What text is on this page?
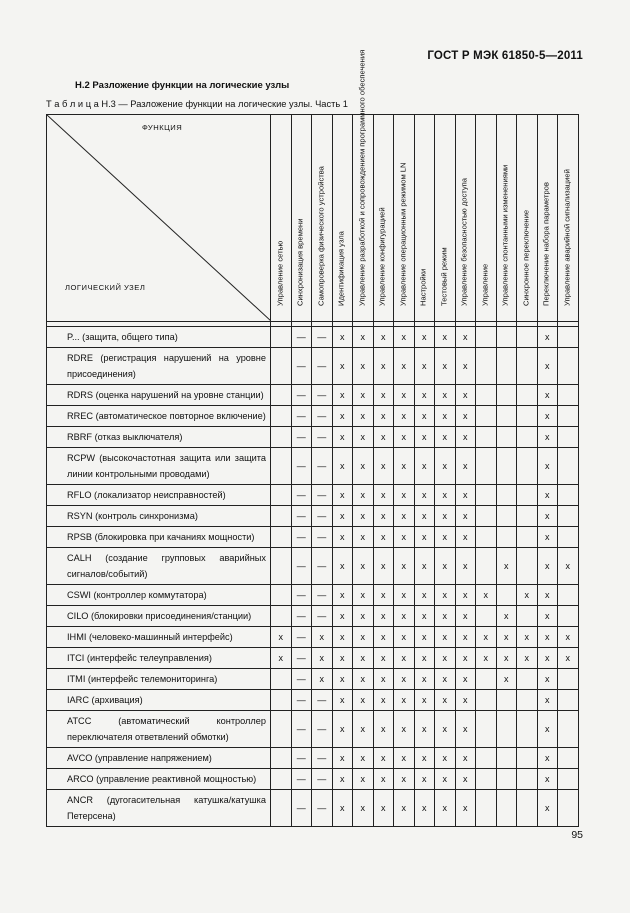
ГОСТ Р МЭК 61850-5—2011
Н.2 Разложение функции на логические узлы
Т а б л и ц а Н.3 — Разложение функции на логические узлы. Часть 1
ФУНКЦИЯ
ЛОГИЧЕСКИЙ УЗЕЛ	Управление сетью	Синхронизация времени	Самопроверка физического устройства	Идентификация узла	Управление разработкой и сопровождением программного обеспечения	Управление конфигурацией	Управление операционным режимом LN	Настройки	Тестовый режим	Управление безопасностью доступа	Управление	Управление спонтанными изменениями	Синхронное переключение	Переключение набора параметров	Управление аварийной сигнализацией

P... (защита, общего типа)		—	—	x	x	x	x	x	x	x				x	
RDRE (регистрация нарушений на уровне присоединения)		—	—	x	x	x	x	x	x	x				x	
RDRS (оценка нарушений на уровне станции)		—	—	x	x	x	x	x	x	x				x	
RREC (автоматическое повторное включение)		—	—	x	x	x	x	x	x	x				x	
RBRF (отказ выключателя)		—	—	x	x	x	x	x	x	x				x	
RCPW (высокочастотная защита или защита линии контрольными проводами)		—	—	x	x	x	x	x	x	x				x	
RFLO (локализатор неисправностей)		—	—	x	x	x	x	x	x	x				x	
RSYN (контроль синхронизма)		—	—	x	x	x	x	x	x	x				x	
RPSB (блокировка при качаниях мощности)		—	—	x	x	x	x	x	x	x				x	
CALH (создание групповых аварийных сигналов/событий)		—	—	x	x	x	x	x	x	x		x		x	x
CSWI (контроллер коммутатора)		—	—	x	x	x	x	x	x	x	x		x	x	
CILO (блокировки присоединения/станции)		—	—	x	x	x	x	x	x	x		x		x	
IHMI (человеко-машинный интерфейс)	x	—	x	x	x	x	x	x	x	x	x	x	x	x	x
ITCI (интерфейс телеуправления)	x	—	x	x	x	x	x	x	x	x	x	x	x	x	x
ITMI (интерфейс телемониторинга)		—	x	x	x	x	x	x	x	x		x		x	
IARC (архивация)		—	—	x	x	x	x	x	x	x				x	
ATCC (автоматический контроллер переключателя ответвлений обмотки)		—	—	x	x	x	x	x	x	x				x	
AVCO (управление напряжением)		—	—	x	x	x	x	x	x	x				x	
ARCO (управление реактивной мощностью)		—	—	x	x	x	x	x	x	x				x	
ANCR (дугогасительная катушка/катушка Петерсена)		—	—	x	x	x	x	x	x	x				x	
95
